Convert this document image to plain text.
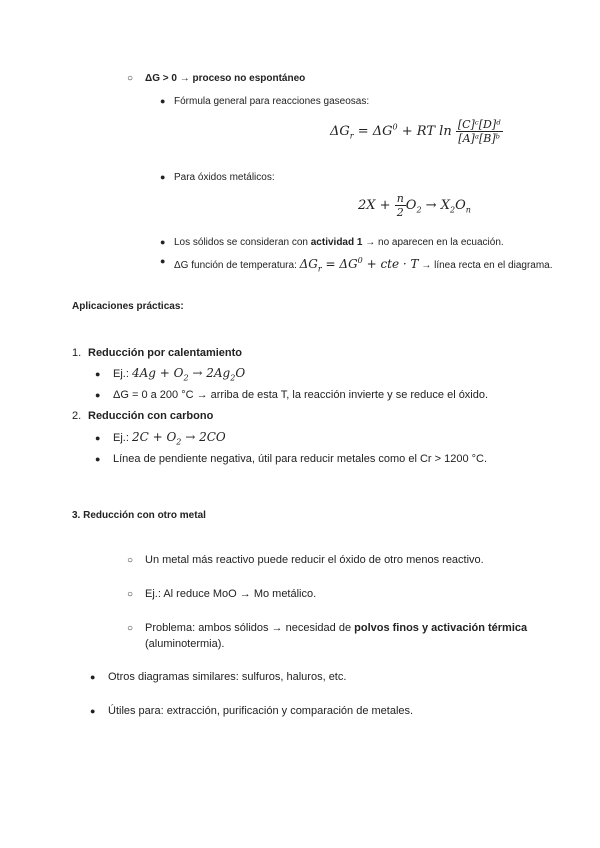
○ ΔG > 0 → proceso no espontáneo
● Fórmula general para reacciones gaseosas:
$\Delta G_r = \Delta G^0$ + RT $\ln \frac{\text{[C]ᶜ[D]ᵈ}}{\text{[A]ᵃ[B]ᵇ}}$
● Para óxidos metálicos:
$2X + \frac{n}{2} O_2 \to X_2O_n$
● Los sólidos se consideran con actividad 1 → no aparecen en la ecuación.
● ΔG función de temperatura: $\Delta G_r = \Delta G^0$ + cte · T → línea recta en el diagrama.
Aplicaciones prácticas:
1. Reducción por calentamiento
● Ej.: $4Ag + O_2 \to 2Ag_2O$
● ΔG = 0 a 200 °C → arriba de esta T, la reacción invierte y se reduce el óxido.
2. Reducción con carbono
● Ej.: $2C + O_2 \to 2CO$
● Línea de pendiente negativa, útil para reducir metales como el Cr > 1200 °C.
3. Reducción con otro metal
○ Un metal más reactivo puede reducir el óxido de otro menos reactivo.
○ Ej.: Al reduce MoO → Mo metálico.
○ Problema: ambos sólidos → necesidad de polvos finos y activación térmica
(aluminotermia).
● Otros diagramas similares: sulfuros, haluros, etc.
● Útiles para: extracción, purificación y comparación de metales.
